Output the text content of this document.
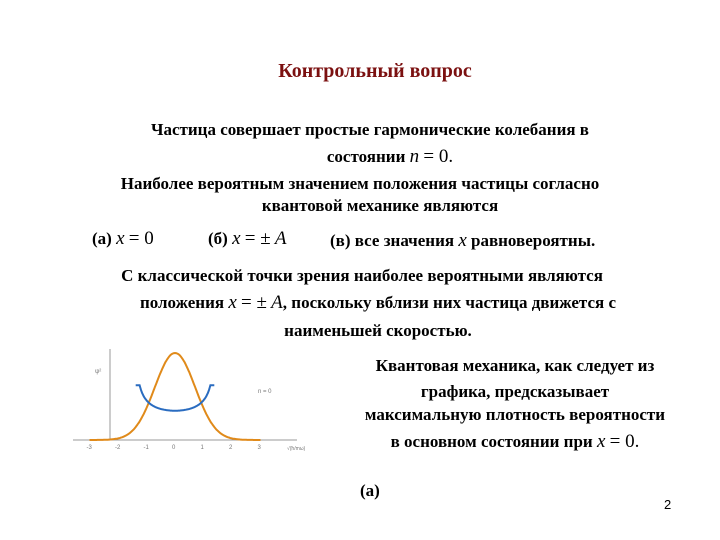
Контрольный вопрос
Частица совершает простые гармонические колебания в
состоянии n = 0.
Наиболее вероятным значением положения частицы согласно
квантовой механике являются
(а) x = 0	(б) x = ± A	(в) все значения x равновероятны.
С классической точки зрения наиболее вероятными являются
положения x = ± A, поскольку вблизи них частица движется с
наименьшей скоростью.
-3	-2	-1	0	1	2	3
ψ²
n = 0
√(ħ/mω)
Квантовая механика, как следует из
графика, предсказывает
максимальную плотность вероятности
в основном состоянии при x = 0.
(а)
2
